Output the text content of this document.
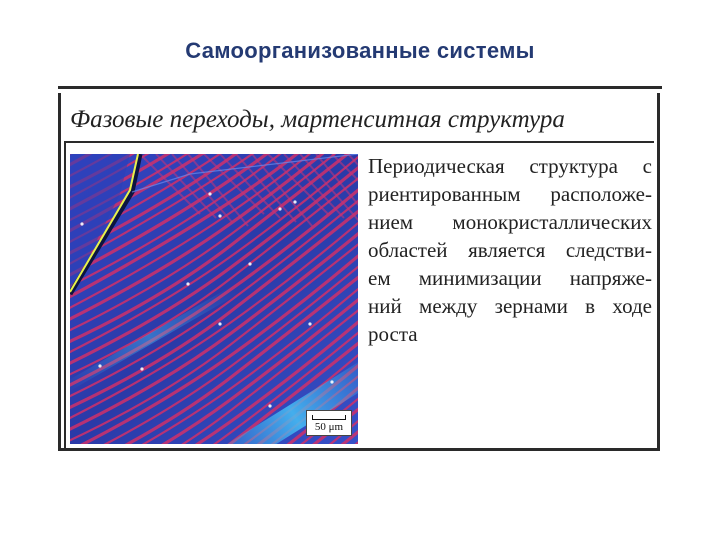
Самоорганизованные системы
Фазовые переходы, мартенситная структура
50 μm
Периодическая структура с
риентированным расположе-
нием монокристаллических
областей является следстви-
ем минимизации напряже-
ний между зернами в ходе
роста
